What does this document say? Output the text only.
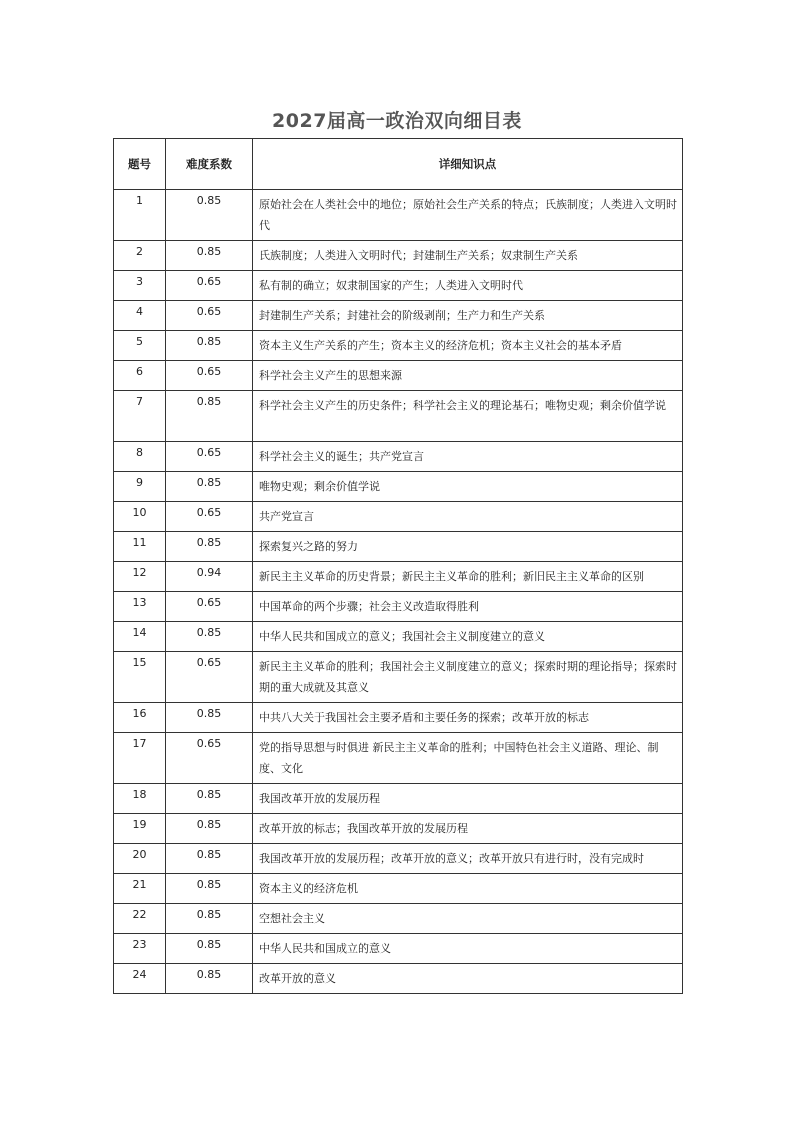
2027届高一政治双向细目表
题号	难度系数	详细知识点
1	0.85	原始社会在人类社会中的地位；原始社会生产关系的特点；氏族制度；人类进入文明时代
2	0.85	氏族制度；人类进入文明时代；封建制生产关系；奴隶制生产关系
3	0.65	私有制的确立；奴隶制国家的产生；人类进入文明时代
4	0.65	封建制生产关系；封建社会的阶级剥削；生产力和生产关系
5	0.85	资本主义生产关系的产生；资本主义的经济危机；资本主义社会的基本矛盾
6	0.65	科学社会主义产生的思想来源
7	0.85	科学社会主义产生的历史条件；科学社会主义的理论基石；唯物史观；剩余价值学说
8	0.65	科学社会主义的诞生；共产党宣言
9	0.85	唯物史观；剩余价值学说
10	0.65	共产党宣言
11	0.85	探索复兴之路的努力
12	0.94	新民主主义革命的历史背景；新民主主义革命的胜利；新旧民主主义革命的区别
13	0.65	中国革命的两个步骤；社会主义改造取得胜利
14	0.85	中华人民共和国成立的意义；我国社会主义制度建立的意义
15	0.65	新民主主义革命的胜利；我国社会主义制度建立的意义；探索时期的理论指导；探索时期的重大成就及其意义
16	0.85	中共八大关于我国社会主要矛盾和主要任务的探索；改革开放的标志
17	0.65	党的指导思想与时俱进 新民主主义革命的胜利；中国特色社会主义道路、理论、制度、文化
18	0.85	我国改革开放的发展历程
19	0.85	改革开放的标志；我国改革开放的发展历程
20	0.85	我国改革开放的发展历程；改革开放的意义；改革开放只有进行时，没有完成时
21	0.85	资本主义的经济危机
22	0.85	空想社会主义
23	0.85	中华人民共和国成立的意义
24	0.85	改革开放的意义
